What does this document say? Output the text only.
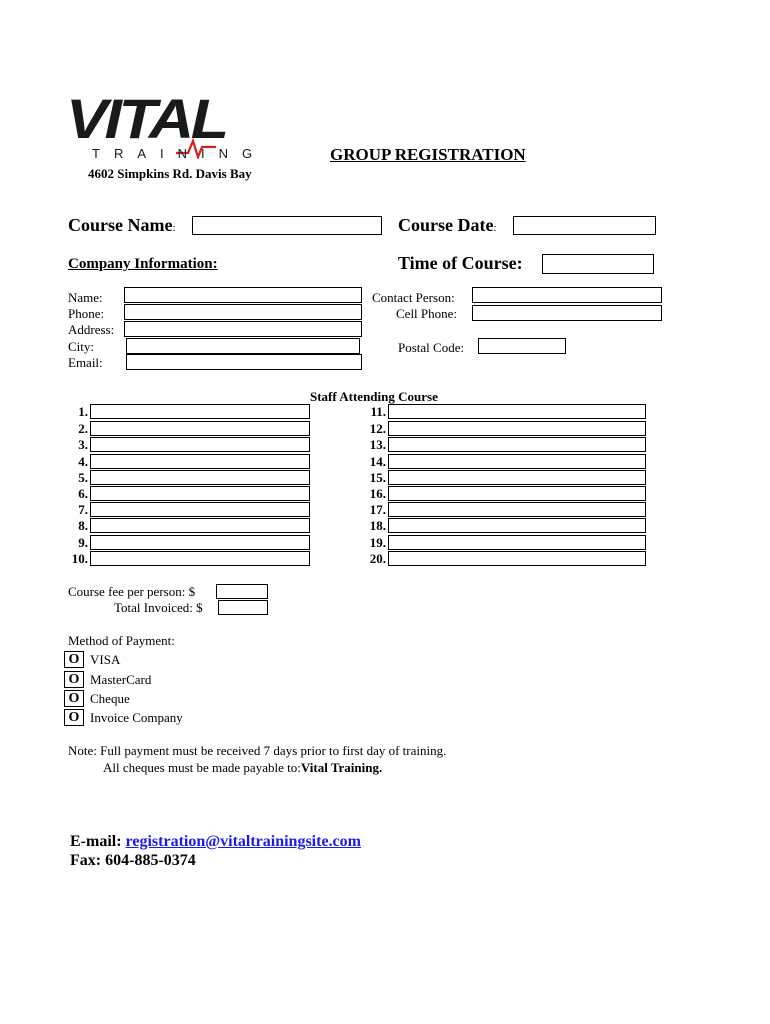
VITAL
TRAINING
4602 Simpkins Rd. Davis Bay
GROUP REGISTRATION
Course Name:	Course Date:
Company Information:	Time of Course:
Name:
Phone:
Address:
City:
Email:
Contact Person:
Cell Phone:
Postal Code:
Staff Attending Course
1.
2.
3.
4.
5.
6.
7.
8.
9.
10.
11.
12.
13.
14.
15.
16.
17.
18.
19.
20.
Course fee per person: $
Total Invoiced: $
Method of Payment:
O VISA
O MasterCard
O Cheque
O Invoice Company
Note: Full payment must be received 7 days prior to first day of training.
All cheques must be made payable to:Vital Training.
E-mail: registration@vitaltrainingsite.com
Fax: 604-885-0374
